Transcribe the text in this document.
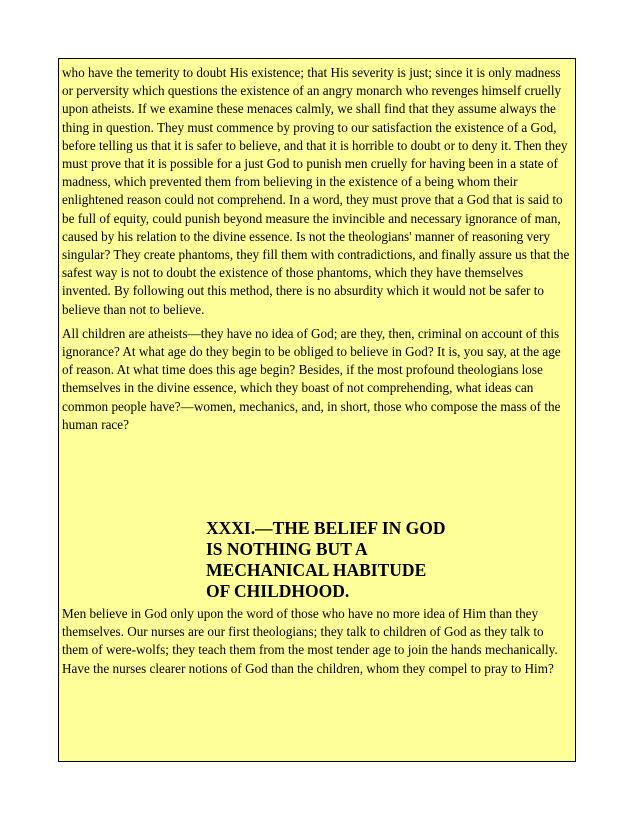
who have the temerity to doubt His existence; that His severity is just; since it is only madness or perversity which questions the existence of an angry monarch who revenges himself cruelly upon atheists. If we examine these menaces calmly, we shall find that they assume always the thing in question. They must commence by proving to our satisfaction the existence of a God, before telling us that it is safer to believe, and that it is horrible to doubt or to deny it. Then they must prove that it is possible for a just God to punish men cruelly for having been in a state of madness, which prevented them from believing in the existence of a being whom their enlightened reason could not comprehend. In a word, they must prove that a God that is said to be full of equity, could punish beyond measure the invincible and necessary ignorance of man, caused by his relation to the divine essence. Is not the theologians' manner of reasoning very singular? They create phantoms, they fill them with contradictions, and finally assure us that the safest way is not to doubt the existence of those phantoms, which they have themselves invented. By following out this method, there is no absurdity which it would not be safer to believe than not to believe.

All children are atheists—they have no idea of God; are they, then, criminal on account of this ignorance? At what age do they begin to be obliged to believe in God? It is, you say, at the age of reason. At what time does this age begin? Besides, if the most profound theologians lose themselves in the divine essence, which they boast of not comprehending, what ideas can common people have?—women, mechanics, and, in short, those who compose the mass of the human race?

XXXI.—THE BELIEF IN GOD IS NOTHING BUT A MECHANICAL HABITUDE OF CHILDHOOD.

Men believe in God only upon the word of those who have no more idea of Him than they themselves. Our nurses are our first theologians; they talk to children of God as they talk to them of were-wolfs; they teach them from the most tender age to join the hands mechanically. Have the nurses clearer notions of God than the children, whom they compel to pray to Him?
